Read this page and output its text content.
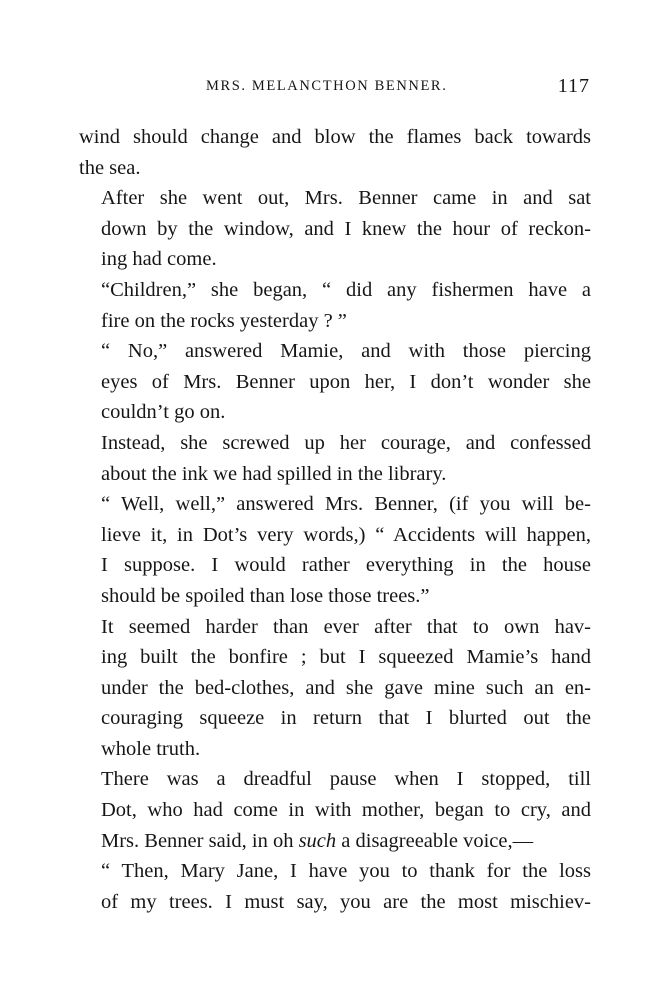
MRS. MELANCTHON BENNER.	117

wind should change and blow the flames back towards
the sea.

After she went out, Mrs. Benner came in and sat
down by the window, and I knew the hour of reckon-
ing had come.

“Children,” she began, “ did any fishermen have a
fire on the rocks yesterday ? ”

“ No,” answered Mamie, and with those piercing
eyes of Mrs. Benner upon her, I don’t wonder she
couldn’t go on.

Instead, she screwed up her courage, and confessed
about the ink we had spilled in the library.

“ Well, well,” answered Mrs. Benner, (if you will be-
lieve it, in Dot’s very words,) “ Accidents will happen,
I suppose. I would rather everything in the house
should be spoiled than lose those trees.”

It seemed harder than ever after that to own hav-
ing built the bonfire ; but I squeezed Mamie’s hand
under the bed-clothes, and she gave mine such an en-
couraging squeeze in return that I blurted out the
whole truth.

There was a dreadful pause when I stopped, till
Dot, who had come in with mother, began to cry, and
Mrs. Benner said, in oh such a disagreeable voice,—

“ Then, Mary Jane, I have you to thank for the loss
of my trees. I must say, you are the most mischiev-
